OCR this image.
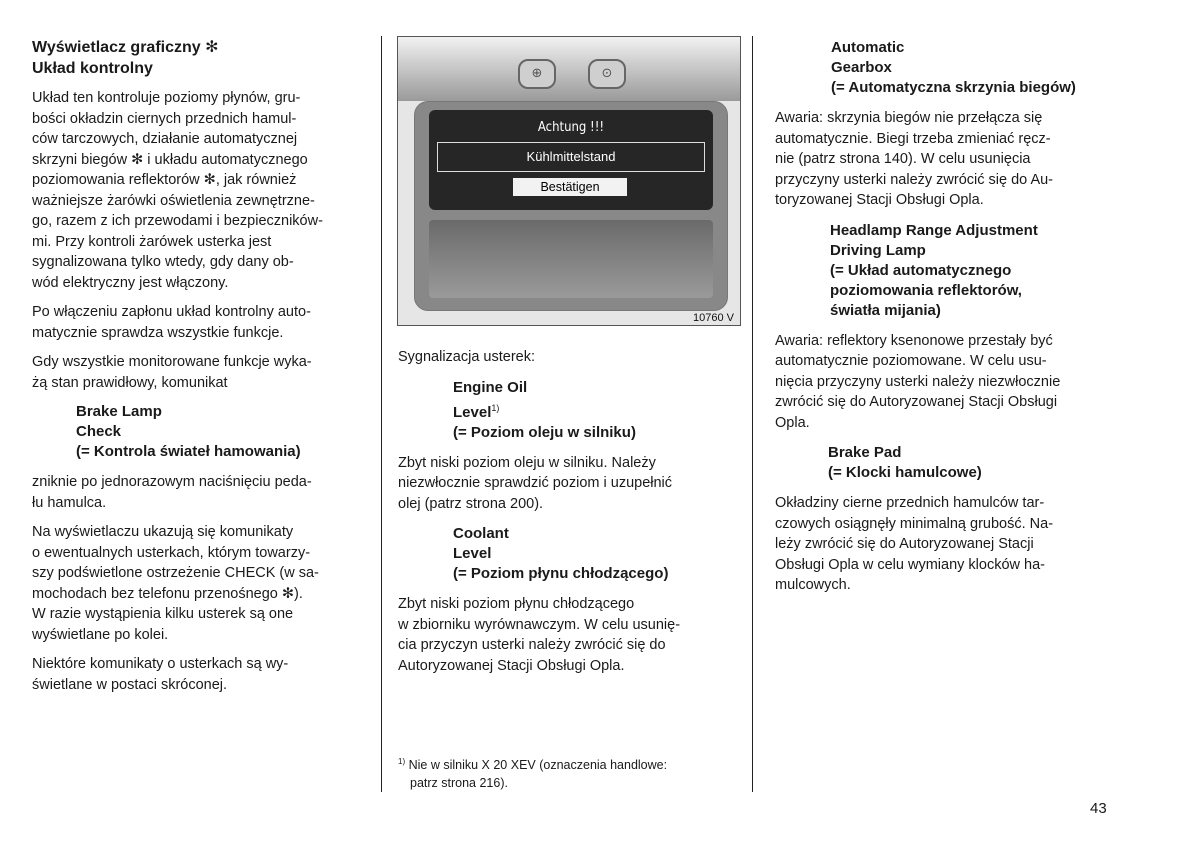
Wyświetlacz graficzny ✻

Układ kontrolny

Układ ten kontroluje poziomy płynów, gru-

bości okładzin ciernych przednich hamul-

ców tarczowych, działanie automatycznej

skrzyni biegów ✻ i układu automatycznego

poziomowania reflektorów ✻, jak również

ważniejsze żarówki oświetlenia zewnętrzne-

go, razem z ich przewodami i bezpieczników-

mi. Przy kontroli żarówek usterka jest

sygnalizowana tylko wtedy, gdy dany ob-

wód elektryczny jest włączony.

Po włączeniu zapłonu układ kontrolny auto-

matycznie sprawdza wszystkie funkcje.

Gdy wszystkie monitorowane funkcje wyka-

żą stan prawidłowy, komunikat

Brake Lamp

Check

(= Kontrola świateł hamowania)

zniknie po jednorazowym naciśnięciu peda-

łu hamulca.

Na wyświetlaczu ukazują się komunikaty

o ewentualnych usterkach, którym towarzy-

szy podświetlone ostrzeżenie CHECK (w sa-

mochodach bez telefonu przenośnego ✻).

W razie wystąpienia kilku usterek są one

wyświetlane po kolei.

Niektóre komunikaty o usterkach są wy-

świetlane w postaci skróconej.

⊕	⊙
Achtung !!!
Kühlmittelstand
Bestätigen
10760 V

Sygnalizacja usterek:

Engine Oil

Level$^{1)}$

(= Poziom oleju w silniku)

Zbyt niski poziom oleju w silniku. Należy

niezwłocznie sprawdzić poziom i uzupełnić

olej (patrz strona 200).

Coolant

Level

(= Poziom płynu chłodzącego)

Zbyt niski poziom płynu chłodzącego

w zbiorniku wyrównawczym. W celu usunię-

cia przyczyn usterki należy zwrócić się do

Autoryzowanej Stacji Obsługi Opla.

$^{1)}$ Nie w silniku X 20 XEV (oznaczenia handlowe:

patrz strona 216).

Automatic

Gearbox

(= Automatyczna skrzynia biegów)

Awaria: skrzynia biegów nie przełącza się

automatycznie. Biegi trzeba zmieniać ręcz-

nie (patrz strona 140). W celu usunięcia

przyczyny usterki należy zwrócić się do Au-

toryzowanej Stacji Obsługi Opla.

Headlamp Range Adjustment

Driving Lamp

(= Układ automatycznego

poziomowania reflektorów,

światła mijania)

Awaria: reflektory ksenonowe przestały być

automatycznie poziomowane. W celu usu-

nięcia przyczyny usterki należy niezwłocznie

zwrócić się do Autoryzowanej Stacji Obsługi

Opla.

Brake Pad

(= Klocki hamulcowe)

Okładziny cierne przednich hamulców tar-

czowych osiągnęły minimalną grubość. Na-

leży zwrócić się do Autoryzowanej Stacji

Obsługi Opla w celu wymiany klocków ha-

mulcowych.

43
